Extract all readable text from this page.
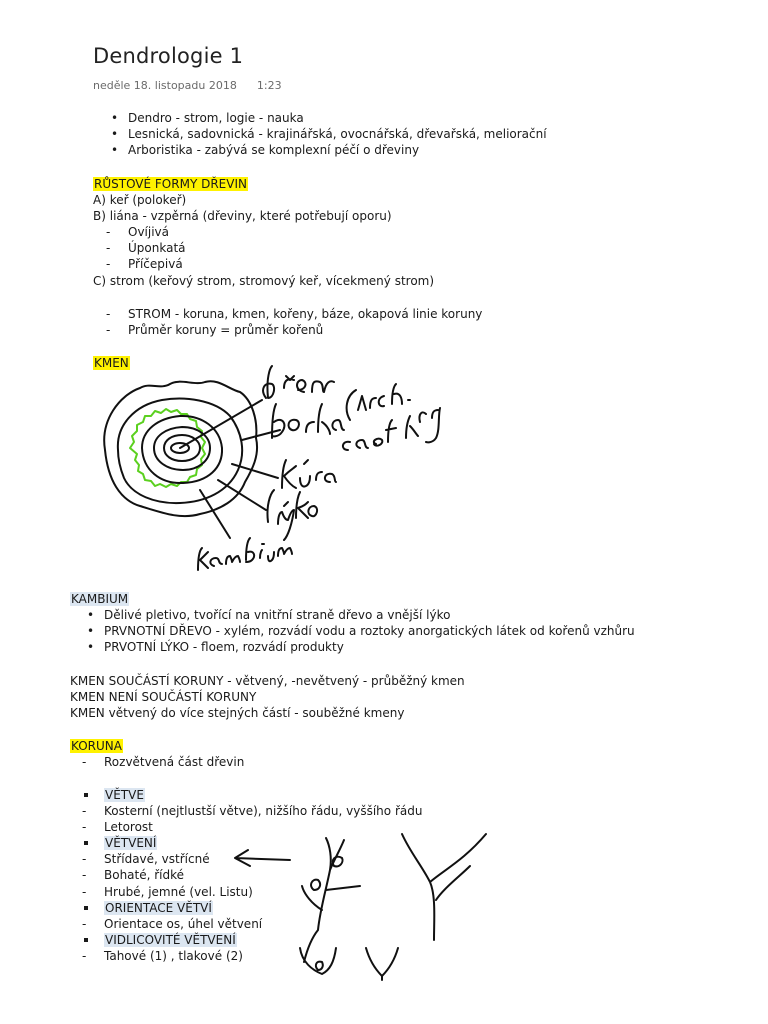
Dendrologie 1
neděle 18. listopadu 2018 1:23
• Dendro - strom, logie - nauka
• Lesnická, sadovnická - krajinářská, ovocnářská, dřevařská, meliorační
• Arboristika - zabývá se komplexní péčí o dřeviny
RŮSTOVÉ FORMY DŘEVIN
A) keř (polokeř)
B) liána - vzpěrná (dřeviny, které potřebují oporu)
- Ovíjivá
- Úponkatá
- Příčepivá
C) strom (keřový strom, stromový keř, vícekmený strom)
- STROM - koruna, kmen, kořeny, báze, okapová linie koruny
- Průměr koruny = průměr kořenů
KMEN
KAMBIUM
• Dělivé pletivo, tvořící na vnitřní straně dřevo a vnější lýko
• PRVNOTNÍ DŘEVO - xylém, rozvádí vodu a roztoky anorgatických látek od kořenů vzhůru
• PRVOTNÍ LÝKO - floem, rozvádí produkty
KMEN SOUČÁSTÍ KORUNY - větvený, -nevětvený - průběžný kmen
KMEN NENÍ SOUČÁSTÍ KORUNY
KMEN větvený do více stejných částí - souběžné kmeny
KORUNA
- Rozvětvená část dřevin
VĚTVE
- Kosterní (nejtlustší větve), nižšího řádu, vyššího řádu
- Letorost
VĚTVENÍ
- Střídavé, vstřícné
- Bohaté, řídké
- Hrubé, jemné (vel. Listu)
ORIENTACE VĚTVÍ
- Orientace os, úhel větvení
VIDLICOVITÉ VĚTVENÍ
- Tahové (1) , tlakové (2)
